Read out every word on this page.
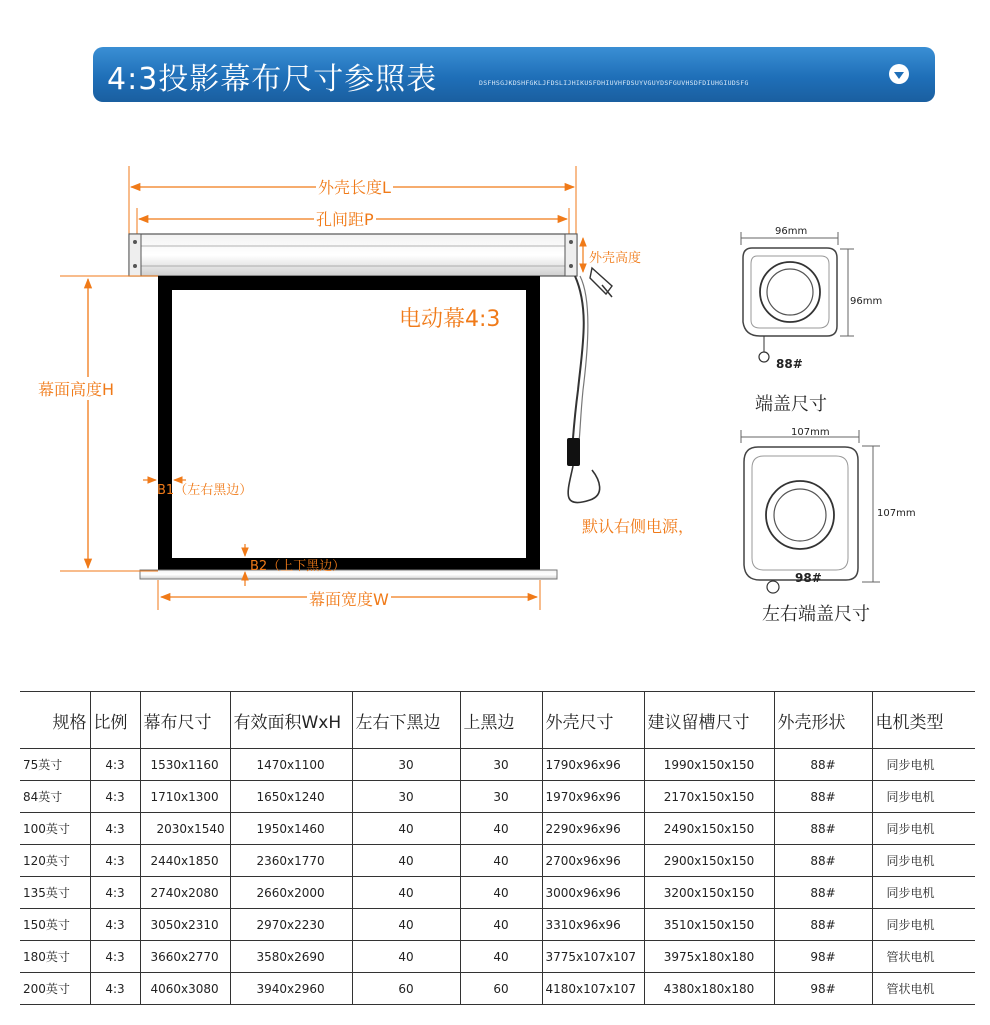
4:3投影幕布尺寸参照表	DSFHSGJKDSHFGKLJFDSLIJHIKUSFDHIUVHFDSUYVGUYDSFGUVHSDFDIUHGIUDSFG
外壳长度L
孔间距P
外壳高度
电动幕4:3
幕面高度H
B1（左右黑边）
B2（上下黑边）
幕面宽度W
默认右侧电源，
96mm
96mm
88#
端盖尺寸
107mm
107mm
98#
左右端盖尺寸
规格	比例	幕布尺寸	有效面积WxH	左右下黑边	上黑边	外壳尺寸	建议留槽尺寸	外壳形状	电机类型
75英寸	4:3	1530x1160	1470x1100	30	30	1790x96x96	1990x150x150	88#	同步电机
84英寸	4:3	1710x1300	1650x1240	30	30	1970x96x96	2170x150x150	88#	同步电机
100英寸	4:3	2030x1540	1950x1460	40	40	2290x96x96	2490x150x150	88#	同步电机
120英寸	4:3	2440x1850	2360x1770	40	40	2700x96x96	2900x150x150	88#	同步电机
135英寸	4:3	2740x2080	2660x2000	40	40	3000x96x96	3200x150x150	88#	同步电机
150英寸	4:3	3050x2310	2970x2230	40	40	3310x96x96	3510x150x150	88#	同步电机
180英寸	4:3	3660x2770	3580x2690	40	40	3775x107x107	3975x180x180	98#	管状电机
200英寸	4:3	4060x3080	3940x2960	60	60	4180x107x107	4380x180x180	98#	管状电机
